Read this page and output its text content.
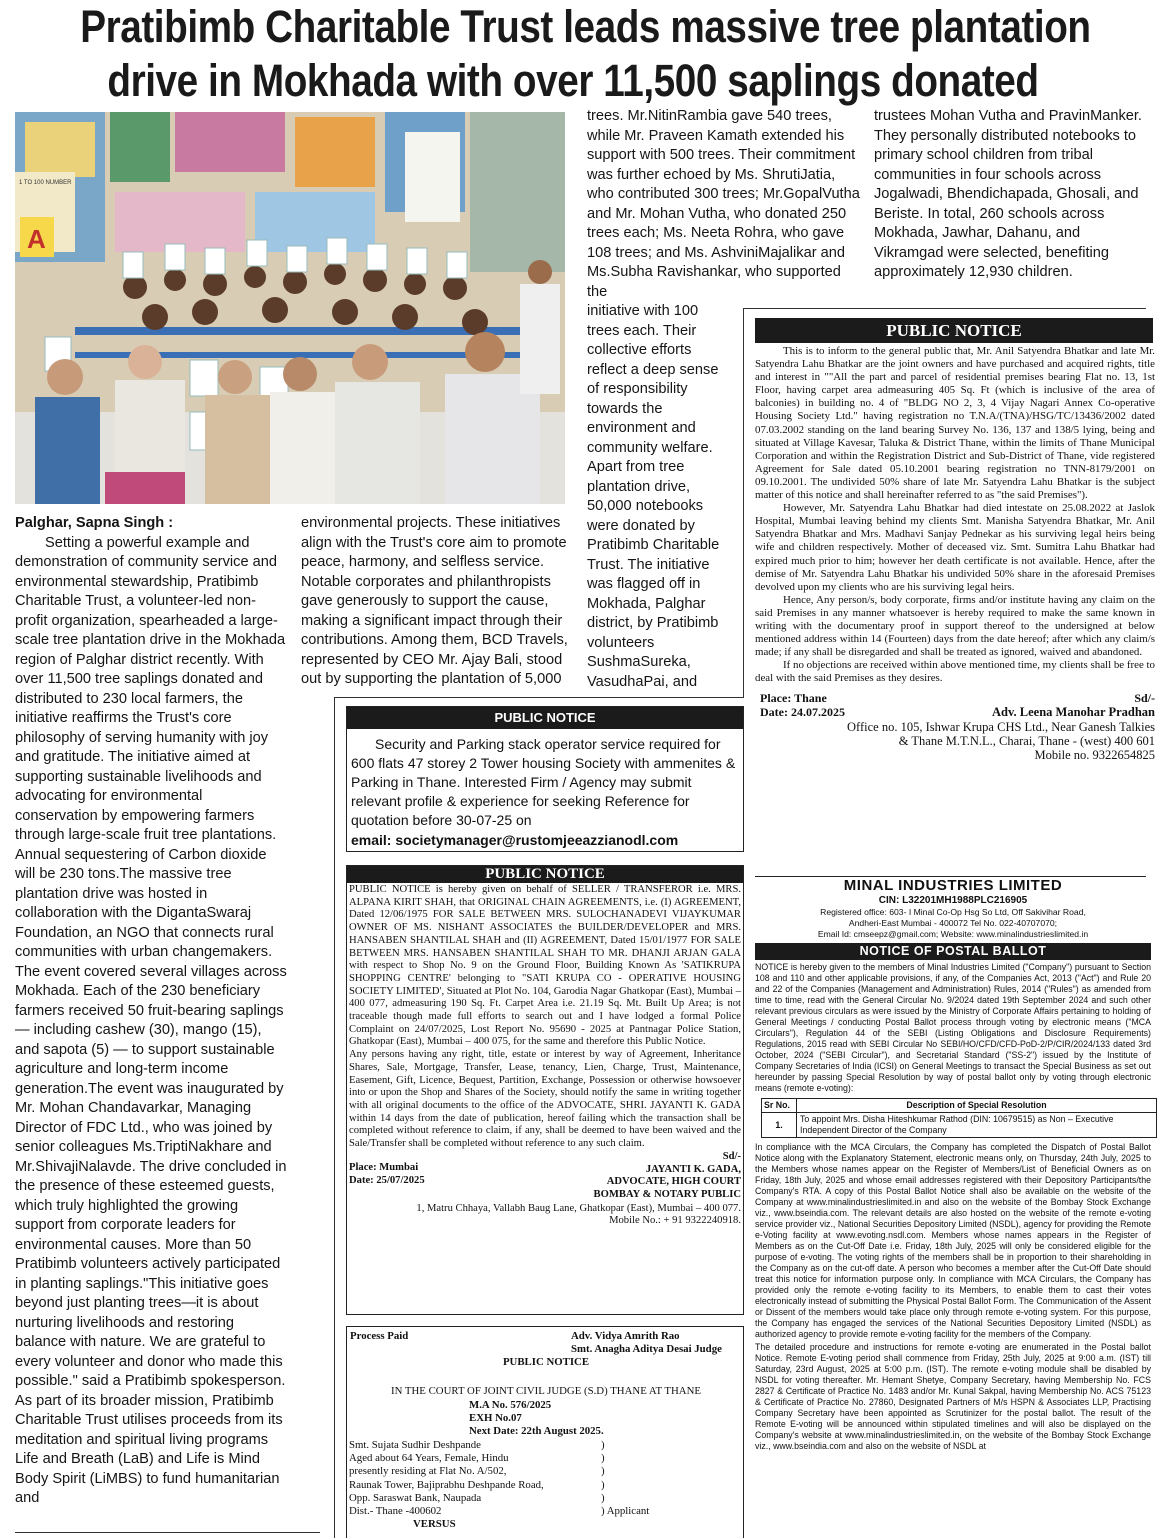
Pratibimb Charitable Trust leads massive tree plantation
drive in Mokhada with over 11,500 saplings donated
1 TO 100 NUMBER
A

Palghar, Sapna Singh :

Setting a powerful example and demonstration of community service and environmental stewardship, Pratibimb Charitable Trust, a volunteer-led non-profit organization, spearheaded a large-scale tree plantation drive in the Mokhada region of Palghar district recently. With over 11,500 tree saplings donated and distributed to 230 local farmers, the initiative reaffirms the Trust's core philosophy of serving humanity with joy and gratitude. The initiative aimed at supporting sustainable livelihoods and advocating for environmental conservation by empowering farmers through large-scale fruit tree plantations. Annual sequestering of Carbon dioxide will be 230 tons.The massive tree plantation drive was hosted in collaboration with the DigantaSwaraj Foundation, an NGO that connects rural communities with urban changemakers. The event covered several villages across Mokhada. Each of the 230 beneficiary farmers received 50 fruit-bearing saplings — including cashew (30), mango (15), and sapota (5) — to support sustainable agriculture and long-term income generation.The event was inaugurated by Mr. Mohan Chandavarkar, Managing Director of FDC Ltd., who was joined by senior colleagues Ms.TriptiNakhare and Mr.ShivajiNalavde. The drive concluded in the presence of these esteemed guests, which truly highlighted the growing support from corporate leaders for environmental causes. More than 50 Pratibimb volunteers actively participated in planting saplings."This initiative goes beyond just planting trees—it is about nurturing livelihoods and restoring balance with nature. We are grateful to every volunteer and donor who made this possible." said a Pratibimb spokesperson. As part of its broader mission, Pratibimb Charitable Trust utilises proceeds from its meditation and spiritual living programs Life and Breath (LaB) and Life is Mind Body Spirit (LiMBS) to fund humanitarian and

environmental projects. These initiatives align with the Trust's core aim to promote peace, harmony, and selfless service. Notable corporates and philanthropists gave generously to support the cause, making a significant impact through their contributions. Among them, BCD Travels, represented by CEO Mr. Ajay Bali, stood out by supporting the plantation of 5,000

trees. Mr.NitinRambia gave 540 trees, while Mr. Praveen Kamath extended his support with 500 trees. Their commitment was further echoed by Ms. ShrutiJatia, who contributed 300 trees; Mr.GopalVutha and Mr. Mohan Vutha, who donated 250 trees each; Ms. Neeta Rohra, who gave 108 trees; and Ms. AshviniMajalikar and Ms.Subha Ravishankar, who supported the

initiative with 100 trees each. Their collective efforts reflect a deep sense of responsibility towards the environment and community welfare. Apart from tree plantation drive, 50,000 notebooks were donated by Pratibimb Charitable Trust. The initiative was flagged off in Mokhada, Palghar district, by Pratibimb volunteers SushmaSureka, VasudhaPai, and

trustees Mohan Vutha and PravinManker. They personally distributed notebooks to primary school children from tribal communities in four schools across Jogalwadi, Bhendichapada, Ghosali, and Beriste. In total, 260 schools across Mokhada, Jawhar, Dahanu, and Vikramgad were selected, benefiting approximately 12,930 children.

PUBLIC NOTICE
Security and Parking stack operator service required for 600 flats 47 storey 2 Tower housing Society with ammenites & Parking in Thane. Interested Firm / Agency may submit relevant profile & experience for seeking Reference for quotation before 30-07-25 on
email: societymanager@rustomjeeazzianodl.com
PUBLIC NOTICE
PUBLIC NOTICE is hereby given on behalf of SELLER / TRANSFEROR i.e. MRS. ALPANA KIRIT SHAH, that ORIGINAL CHAIN AGREEMENTS, i.e. (I) AGREEMENT, Dated 12/06/1975 FOR SALE BETWEEN MRS. SULOCHANADEVI VIJAYKUMAR OWNER OF MS. NISHANT ASSOCIATES the BUILDER/DEVELOPER and MRS. HANSABEN SHANTILAL SHAH and (II) AGREEMENT, Dated 15/01/1977 FOR SALE BETWEEN MRS. HANSABEN SHANTILAL SHAH TO MR. DHANJI ARJAN GALA with respect to Shop No. 9 on the Ground Floor, Building Known As 'SATIKRUPA SHOPPING CENTRE' belonging to "SATI KRUPA CO - OPERATIVE HOUSING SOCIETY LIMITED', Situated at Plot No. 104, Garodia Nagar Ghatkopar (East), Mumbai – 400 077, admeasuring 190 Sq. Ft. Carpet Area i.e. 21.19 Sq. Mt. Built Up Area; is not traceable though made full efforts to search out and I have lodged a formal Police Complaint on 24/07/2025, Lost Report No. 95690 - 2025 at Pantnagar Police Station, Ghatkopar (East), Mumbai – 400 075, for the same and therefore this Public Notice.
Any persons having any right, title, estate or interest by way of Agreement, Inheritance Shares, Sale, Mortgage, Transfer, Lease, tenancy, Lien, Charge, Trust, Maintenance, Easement, Gift, Licence, Bequest, Partition, Exchange, Possession or otherwise howsoever into or upon the Shop and Shares of the Society, should notify the same in writing together with all original documents to the office of the ADVOCATE, SHRI. JAYANTI K. GADA within 14 days from the date of publication, hereof failing which the transaction shall be completed without reference to claim, if any, shall be deemed to have been waived and the Sale/Transfer shall be completed without reference to any such claim.
Sd/-
Place: Mumbai
Date: 25/07/2025
JAYANTI K. GADA,
ADVOCATE, HIGH COURT
BOMBAY & NOTARY PUBLIC
1, Matru Chhaya, Vallabh Baug Lane, Ghatkopar (East), Mumbai – 400 077.
Mobile No.: + 91 9322240918.
Process Paid	Adv. Vidya Amrith Rao
Smt. Anagha Aditya Desai Judge
PUBLIC NOTICE
IN THE COURT OF JOINT CIVIL JUDGE (S.D) THANE AT THANE
M.A No. 576/2025
EXH No.07
Next Date: 22th August 2025.
Smt. Sujata Sudhir Deshpande
Aged about 64 Years, Female, Hindu
presently residing at Flat No. A/502,
Raunak Tower, Bajiprabhu Deshpande Road,
Opp. Saraswat Bank, Naupada
Dist.- Thane -400602
)
)
)
)
)
) Applicant
VERSUS
PUBLIC NOTICE
This is to inform to the general public that, Mr. Anil Satyendra Bhatkar and late Mr. Satyendra Lahu Bhatkar are the joint owners and have purchased and acquired rights, title and interest in ""All the part and parcel of residential premises bearing Flat no. 13, 1st Floor, having carpet area admeasuring 405 Sq. Ft (which is inclusive of the area of balconies) in building no. 4 of "BLDG NO 2, 3, 4 Vijay Nagari Annex Co-operative Housing Society Ltd." having registration no T.N.A/(TNA)/HSG/TC/13436/2002 dated 07.03.2002 standing on the land bearing Survey No. 136, 137 and 138/5 lying, being and situated at Village Kavesar, Taluka & District Thane, within the limits of Thane Municipal Corporation and within the Registration District and Sub-District of Thane, vide registered Agreement for Sale dated 05.10.2001 bearing registration no TNN-8179/2001 on 09.10.2001. The undivided 50% share of late Mr. Satyendra Lahu Bhatkar is the subject matter of this notice and shall hereinafter referred to as "the said Premises").
However, Mr. Satyendra Lahu Bhatkar had died intestate on 25.08.2022 at Jaslok Hospital, Mumbai leaving behind my clients Smt. Manisha Satyendra Bhatkar, Mr. Anil Satyendra Bhatkar and Mrs. Madhavi Sanjay Pednekar as his surviving legal heirs being wife and children respectively. Mother of deceased viz. Smt. Sumitra Lahu Bhatkar had expired much prior to him; however her death certificate is not available. Hence, after the demise of Mr. Satyendra Lahu Bhatkar his undivided 50% share in the aforesaid Premises devolved upon my clients who are his surviving legal heirs.
Hence, Any person/s, body corporate, firms and/or institute having any claim on the said Premises in any manner whatsoever is hereby required to make the same known in writing with the documentary proof in support thereof to the undersigned at below mentioned address within 14 (Fourteen) days from the date hereof; after which any claim/s made; if any shall be disregarded and shall be treated as ignored, waived and abandoned.
If no objections are received within above mentioned time, my clients shall be free to deal with the said Premises as they desires.
Place: Thane
Date: 24.07.2025
Sd/-
Adv. Leena Manohar Pradhan
Office no. 105, Ishwar Krupa CHS Ltd., Near Ganesh Talkies
& Thane M.T.N.L., Charai, Thane - (west) 400 601
Mobile no. 9322654825
MINAL INDUSTRIES LIMITED
CIN: L32201MH1988PLC216905
Registered office: 603- I Minal Co-Op Hsg So Ltd, Off Sakivihar Road,
Andheri-East Mumbai - 400072 Tel No. 022-40707070;
Email Id: cmseepz@gmail.com; Website: www.minalindustrieslimited.in
NOTICE OF POSTAL BALLOT
NOTICE is hereby given to the members of Minal Industries Limited ("Company") pursuant to Section 108 and 110 and other applicable provisions, if any, of the Companies Act, 2013 ("Act") and Rule 20 and 22 of the Companies (Management and Administration) Rules, 2014 ("Rules") as amended from time to time, read with the General Circular No. 9/2024 dated 19th September 2024 and such other relevant previous circulars as were issued by the Ministry of Corporate Affairs pertaining to holding of General Meetings / conducting Postal Ballot process through voting by electronic means ("MCA Circulars"), Regulation 44 of the SEBI (Listing Obligations and Disclosure Requirements) Regulations, 2015 read with SEBI Circular No SEBI/HO/CFD/CFD-PoD-2/P/CIR/2024/133 dated 3rd October, 2024 ("SEBI Circular"), and Secretarial Standard ("SS-2") issued by the Institute of Company Secretaries of India (ICSI) on General Meetings to transact the Special Business as set out hereunder by passing Special Resolution by way of postal ballot only by voting through electronic means (remote e-voting):
Sr No.	Description of Special Resolution
1.	To appoint Mrs. Disha Hiteshkumar Rathod (DIN: 10679515) as Non – Executive Independent Director of the Company
In compliance with the MCA Circulars, the Company has completed the Dispatch of Postal Ballot Notice along with the Explanatory Statement, electronic means only, on Thursday, 24th July, 2025 to the Members whose names appear on the Register of Members/List of Beneficial Owners as on Friday, 18th July, 2025 and whose email addresses registered with their Depository Participants/the Company's RTA. A copy of this Postal Ballot Notice shall also be available on the website of the Company at www.minalindustrieslimited.in and also on the website of the Bombay Stock Exchange viz., www.bseindia.com. The relevant details are also hosted on the website of the remote e-voting service provider viz., National Securities Depository Limited (NSDL), agency for providing the Remote e-Voting facility at www.evoting.nsdl.com. Members whose names appears in the Register of Members as on the Cut-Off Date i.e. Friday, 18th July, 2025 will only be considered eligible for the purpose of e-voting. The voting rights of the members shall be in proportion to their shareholding in the Company as on the cut-off date. A person who becomes a member after the Cut-Off Date should treat this notice for information purpose only. In compliance with MCA Circulars, the Company has provided only the remote e-voting facility to its Members, to enable them to cast their votes electronically instead of submitting the Physical Postal Ballot Form. The Communication of the Assent or Dissent of the members would take place only through remote e-voting system. For this purpose, the Company has engaged the services of the National Securities Depository Limited (NSDL) as authorized agency to provide remote e-voting facility for the members of the Company.
The detailed procedure and instructions for remote e-voting are enumerated in the Postal ballot Notice. Remote E-voting period shall commence from Friday, 25th July, 2025 at 9:00 a.m. (IST) till Saturday, 23rd August, 2025 at 5:00 p.m. (IST). The remote e-voting module shall be disabled by NSDL for voting thereafter. Mr. Hemant Shetye, Company Secretary, having Membership No. FCS 2827 & Certificate of Practice No. 1483 and/or Mr. Kunal Sakpal, having Membership No. ACS 75123 & Certificate of Practice No. 27860, Designated Partners of M/s HSPN & Associates LLP, Practising Company Secretary have been appointed as Scrutinizer for the postal ballot. The result of the Remote E-voting will be announced within stipulated timelines and will also be displayed on the Company's website at www.minalindustrieslimited.in, on the website of the Bombay Stock Exchange viz., www.bseindia.com and also on the website of NSDL at
